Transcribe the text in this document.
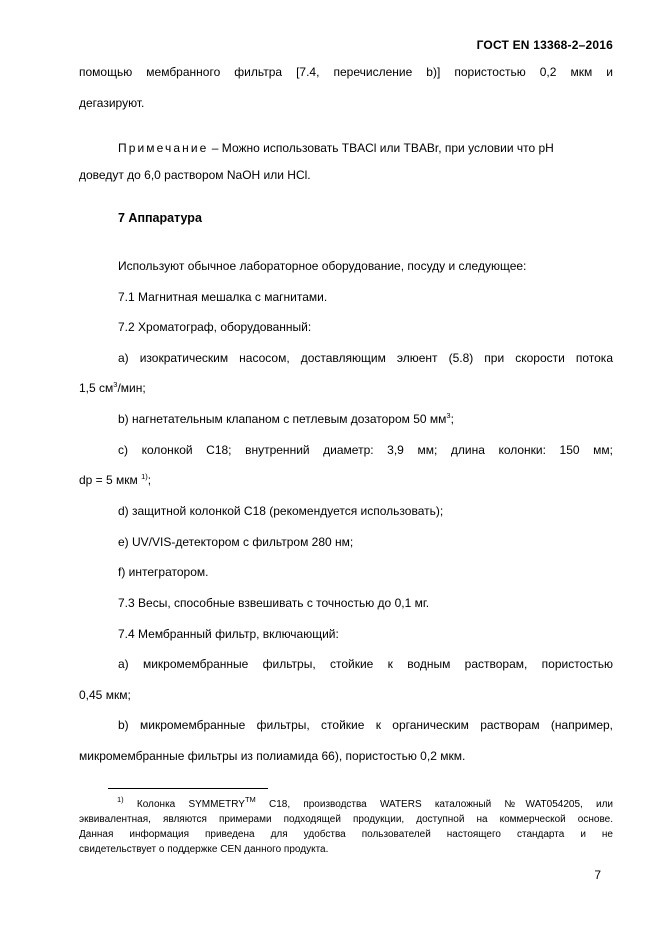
ГОСТ EN 13368-2–2016
помощью мембранного фильтра [7.4, перечисление b)] пористостью 0,2 мкм и
дегазируют.
Примечание – Можно использовать TBACl или TBABr, при условии что pH
доведут до 6,0 раствором NaOH или HCl.
7 Аппаратура
Используют обычное лабораторное оборудование, посуду и следующее:
7.1 Магнитная мешалка с магнитами.
7.2 Хроматограф, оборудованный:
а) изократическим насосом, доставляющим элюент (5.8) при скорости потока
1,5 $см^3$/мин;
b) нагнетательным клапаном с петлевым дозатором 50 $мм^3$;
с) колонкой С18; внутренний диаметр: 3,9 мм; длина колонки: 150 мм;
dp = 5 мкм $^{1)}$;
d) защитной колонкой С18 (рекомендуется использовать);
e) UV/VIS-детектором с фильтром 280 нм;
f) интегратором.
7.3 Весы, способные взвешивать с точностью до 0,1 мг.
7.4 Мембранный фильтр, включающий:
а) микромембранные фильтры, стойкие к водным растворам, пористостью
0,45 мкм;
b) микромембранные фильтры, стойкие к органическим растворам (например,
микромембранные фильтры из полиамида 66), пористостью 0,2 мкм.
$^{1)}$ Колонка SYMMETRY™ С18, производства WATERS каталожный №WAT054205, или
эквивалентная, являются примерами подходящей продукции, доступной на коммерческой основе.
Данная информация приведена для удобства пользователей настоящего стандарта и не
свидетельствует о поддержке CEN данного продукта.
7
